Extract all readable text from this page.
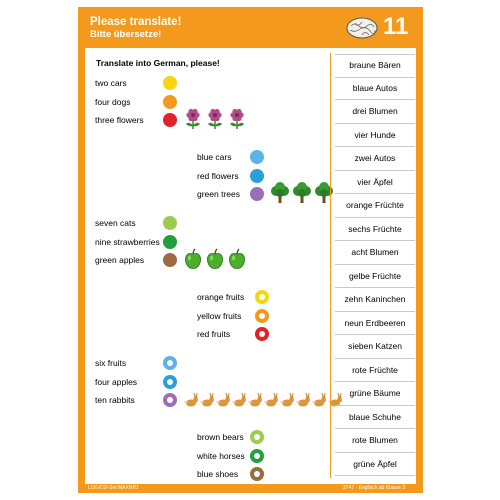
Please translate!
Bitte übersetze!	11
Translate into German, please!
two cars
four dogs
three flowers
blue cars
red flowers
green trees
seven cats
nine strawberries
green apples
orange fruits
yellow fruits
red fruits
six fruits
four apples
ten rabbits
brown bears
white horses
blue shoes
braune Bären
blaue Autos
drei Blumen
vier Hunde
zwei Autos
vier Äpfel
orange Früchte
sechs Früchte
acht Blumen
gelbe Früchte
zehn Kaninchen
neun Erdbeeren
sieben Katzen
rote Früchte
grüne Bäume
blaue Schuhe
rote Blumen
grüne Äpfel
LOGICO-Set MAXIMO	3747 · Englisch ab Klasse 3
